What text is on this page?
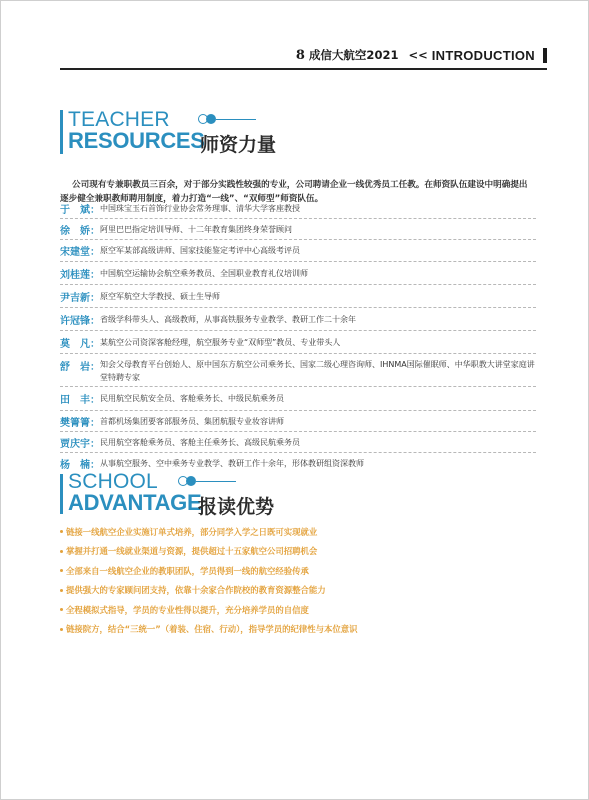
8 成信大航空2021 << INTRODUCTION
TEACHER
RESOURCES
师资力量
公司现有专兼职教员三百余，对于部分实践性较强的专业，公司聘请企业一线优秀员工任教。在师资队伍建设中明确提出逐步健全兼职教师聘用制度，着力打造“一线”、“双师型”师资队伍。
于　斌： 中国珠宝玉石首饰行业协会常务理事、清华大学客座教授
徐　娇： 阿里巴巴指定培训导师、十二年教育集团终身荣誉顾问
宋建堂： 原空军某部高级讲师、国家技能鉴定考评中心高级考评员
刘桂莲： 中国航空运输协会航空乘务教员、全国职业教育礼仪培训师
尹吉新： 原空军航空大学教授、硕士生导师
许冠锋： 省级学科带头人、高级教师，从事高铁服务专业教学、教研工作二十余年
莫　凡： 某航空公司资深客舱经理，航空服务专业“双师型”教员、专业带头人
舒　岩： 知会父母教育平台创始人、原中国东方航空公司乘务长、国家二级心理咨询师、IHNMA国际催眠师、中华职教大讲堂家庭讲堂特聘专家
田　丰： 民用航空民航安全员、客舱乘务长、中级民航乘务员
樊箐箐： 首都机场集团要客部服务员、集团航服专业妆容讲师
贾庆宇： 民用航空客舱乘务员、客舱主任乘务长、高级民航乘务员
杨　楠： 从事航空服务、空中乘务专业教学、教研工作十余年，形体教研组资深教师
SCHOOL
ADVANTAGE
报读优势
链接一线航空企业实施订单式培养，部分同学入学之日既可实现就业
掌握并打通一线就业渠道与资源，提供超过十五家航空公司招聘机会
全部来自一线航空企业的教职团队，学员得到一线的航空经验传承
提供强大的专家顾问团支持，依靠十余家合作院校的教育资源整合能力
全程模拟式指导，学员的专业性得以提升，充分培养学员的自信度
链接院方，结合“三统一”（着装、住宿、行动），指导学员的纪律性与本位意识
